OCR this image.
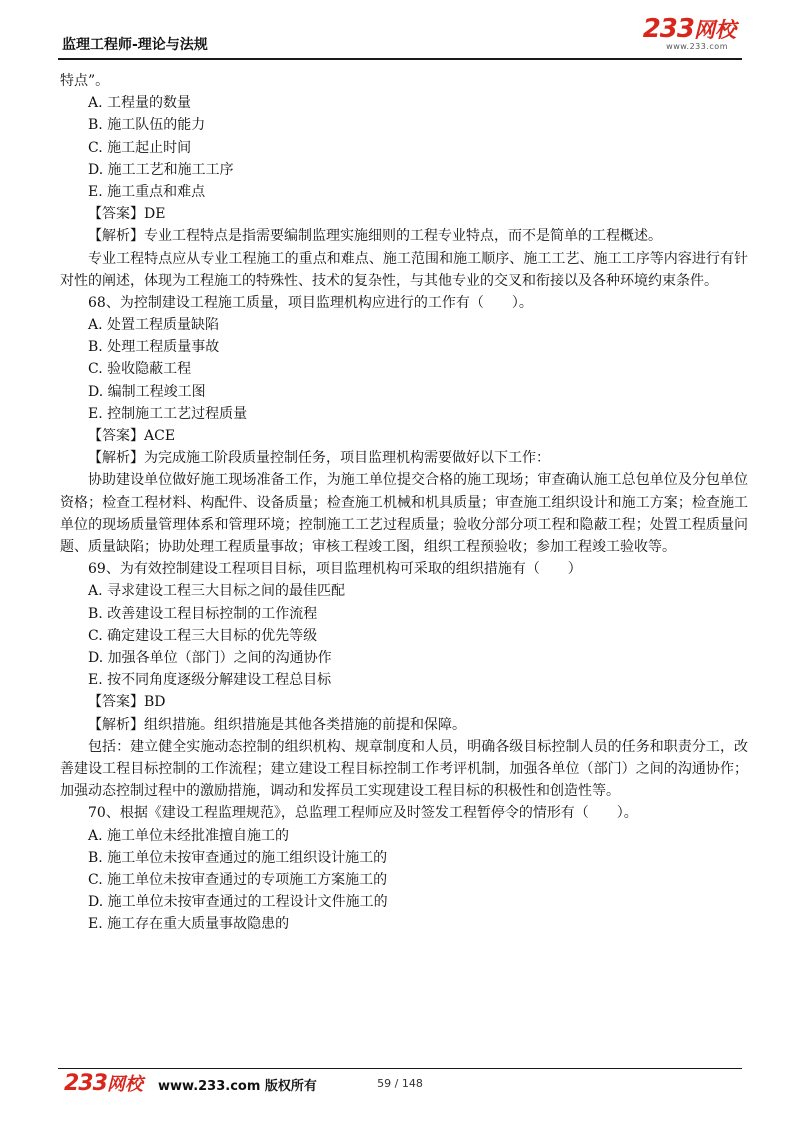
监理工程师-理论与法规
233网校
www.233.com
特点”。
A. 工程量的数量
B. 施工队伍的能力
C. 施工起止时间
D. 施工工艺和施工工序
E. 施工重点和难点
【答案】DE
【解析】专业工程特点是指需要编制监理实施细则的工程专业特点，而不是简单的工程概述。
专业工程特点应从专业工程施工的重点和难点、施工范围和施工顺序、施工工艺、施工工序等内容进行有针对性的阐述，体现为工程施工的特殊性、技术的复杂性，与其他专业的交叉和衔接以及各种环境约束条件。
68、为控制建设工程施工质量，项目监理机构应进行的工作有（　　）。
A. 处置工程质量缺陷
B. 处理工程质量事故
C. 验收隐蔽工程
D. 编制工程竣工图
E. 控制施工工艺过程质量
【答案】ACE
【解析】为完成施工阶段质量控制任务，项目监理机构需要做好以下工作：
协助建设单位做好施工现场准备工作，为施工单位提交合格的施工现场；审查确认施工总包单位及分包单位资格；检查工程材料、构配件、设备质量；检查施工机械和机具质量；审查施工组织设计和施工方案；检查施工单位的现场质量管理体系和管理环境；控制施工工艺过程质量；验收分部分项工程和隐蔽工程；处置工程质量问题、质量缺陷；协助处理工程质量事故；审核工程竣工图，组织工程预验收；参加工程竣工验收等。
69、为有效控制建设工程项目目标，项目监理机构可采取的组织措施有（　　）
A. 寻求建设工程三大目标之间的最佳匹配
B. 改善建设工程目标控制的工作流程
C. 确定建设工程三大目标的优先等级
D. 加强各单位（部门）之间的沟通协作
E. 按不同角度逐级分解建设工程总目标
【答案】BD
【解析】组织措施。组织措施是其他各类措施的前提和保障。
包括：建立健全实施动态控制的组织机构、规章制度和人员，明确各级目标控制人员的任务和职责分工，改善建设工程目标控制的工作流程；建立建设工程目标控制工作考评机制，加强各单位（部门）之间的沟通协作；加强动态控制过程中的激励措施，调动和发挥员工实现建设工程目标的积极性和创造性等。
70、根据《建设工程监理规范》，总监理工程师应及时签发工程暂停令的情形有（　　）。
A. 施工单位未经批准擅自施工的
B. 施工单位未按审查通过的施工组织设计施工的
C. 施工单位未按审查通过的专项施工方案施工的
D. 施工单位未按审查通过的工程设计文件施工的
E. 施工存在重大质量事故隐患的
233网校 www.233.com 版权所有	59 / 148
